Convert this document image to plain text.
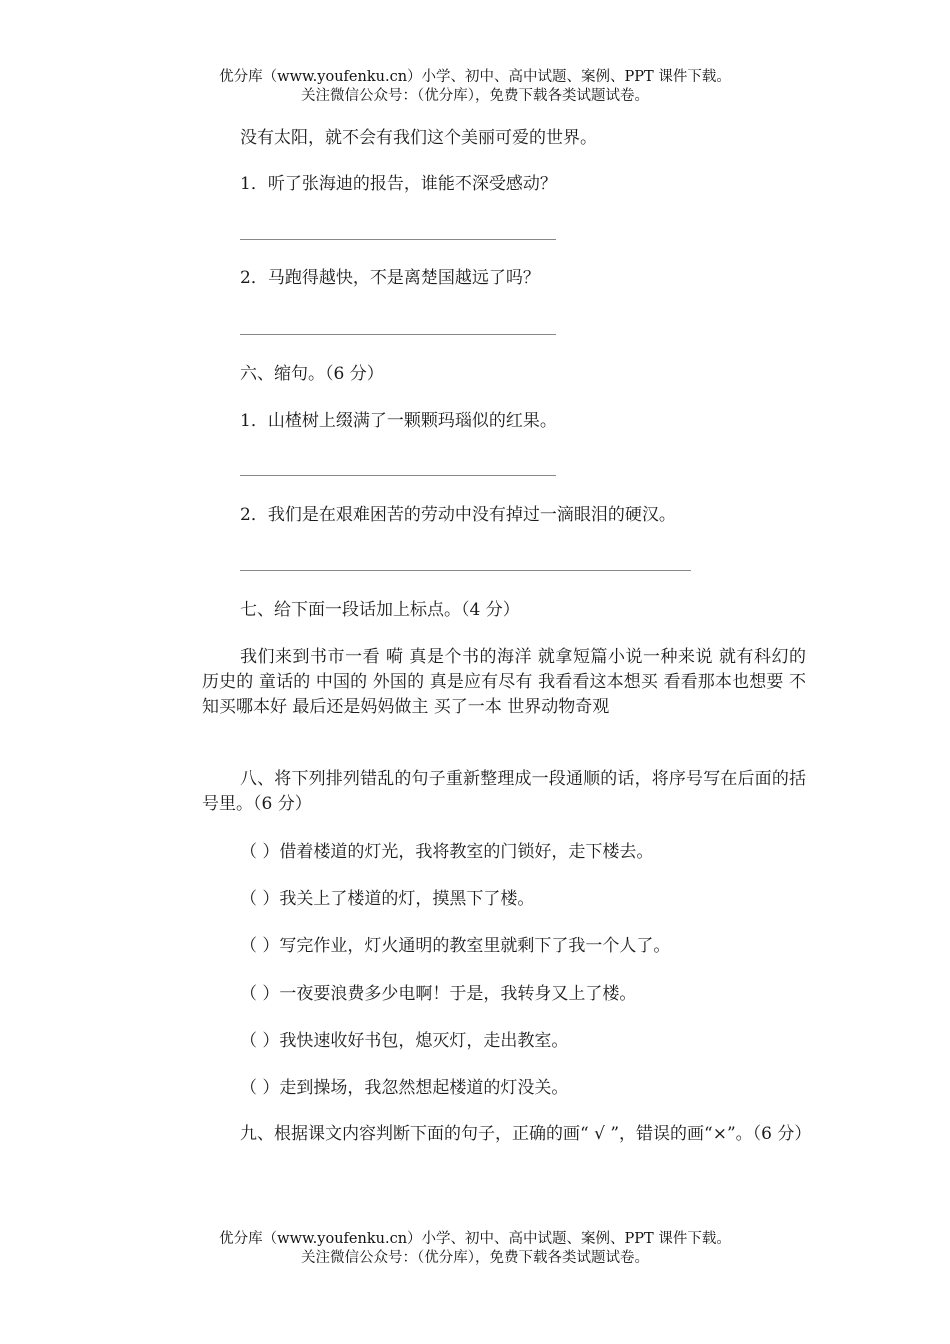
优分库（www.youfenku.cn）小学、初中、高中试题、案例、PPT 课件下载。
关注微信公众号：（优分库），免费下载各类试题试卷。
没有太阳，就不会有我们这个美丽可爱的世界。
1．听了张海迪的报告，谁能不深受感动？
2．马跑得越快，不是离楚国越远了吗？
六、缩句。（6 分）
1．山楂树上缀满了一颗颗玛瑙似的红果。
2．我们是在艰难困苦的劳动中没有掉过一滴眼泪的硬汉。
七、给下面一段话加上标点。（4 分）
我们来到书市一看 嗬 真是个书的海洋 就拿短篇小说一种来说 就有科幻的 历史的 童话的 中国的 外国的 真是应有尽有 我看看这本想买 看看那本也想要 不知买哪本好 最后还是妈妈做主 买了一本 世界动物奇观
八、将下列排列错乱的句子重新整理成一段通顺的话，将序号写在后面的括号里。（6 分）
（ ）借着楼道的灯光，我将教室的门锁好，走下楼去。
（ ）我关上了楼道的灯，摸黑下了楼。
（ ）写完作业，灯火通明的教室里就剩下了我一个人了。
（ ）一夜要浪费多少电啊！于是，我转身又上了楼。
（ ）我快速收好书包，熄灭灯，走出教室。
（ ）走到操场，我忽然想起楼道的灯没关。
九、根据课文内容判断下面的句子，正确的画“ √ ”，错误的画“×”。（6 分）
优分库（www.youfenku.cn）小学、初中、高中试题、案例、PPT 课件下载。
关注微信公众号：（优分库），免费下载各类试题试卷。
